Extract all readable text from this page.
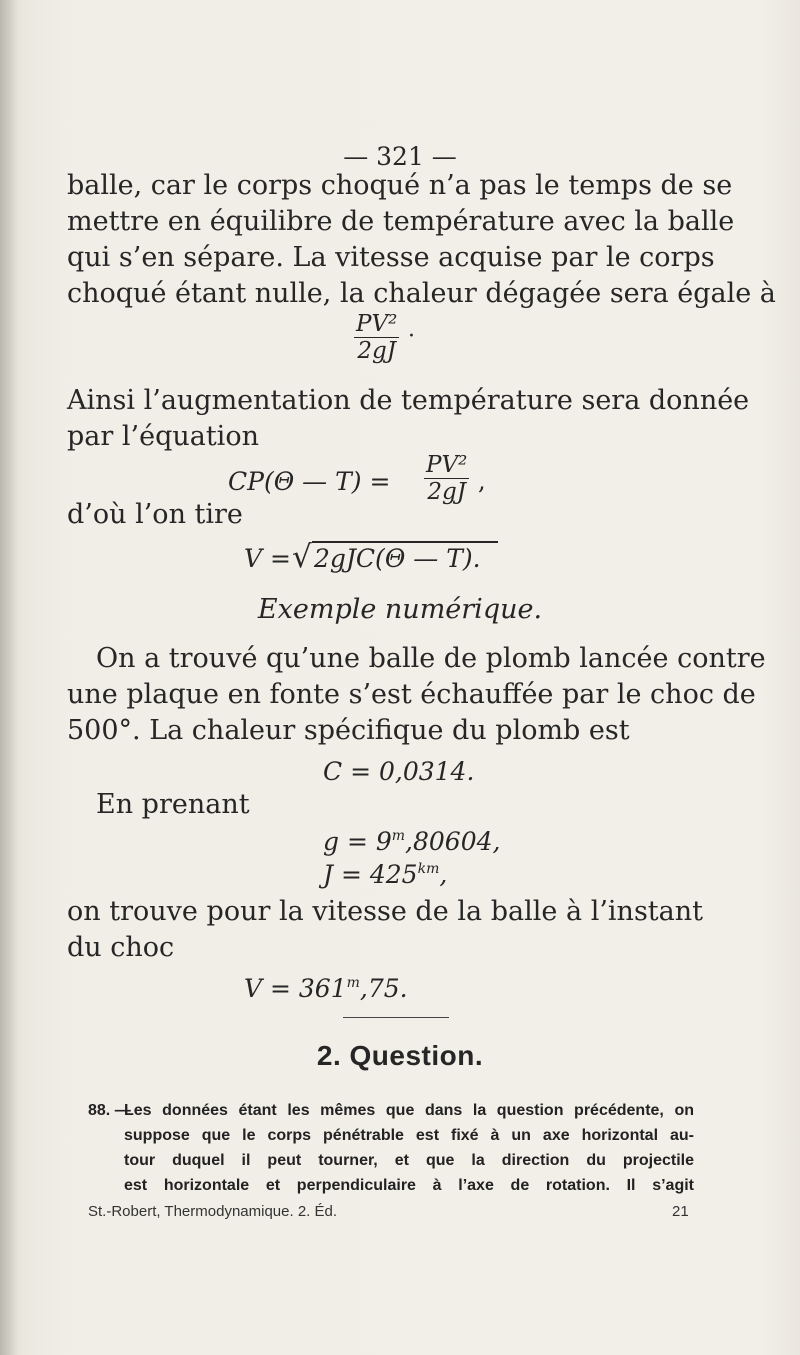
— 321 —
balle, car le corps choqué n’a pas le temps de se
mettre en équilibre de température avec la balle
qui s’en sépare. La vitesse acquise par le corps
choqué étant nulle, la chaleur dégagée sera égale à
$\frac{\text{PV²}}{2gJ}$ ·
Ainsi l’augmentation de température sera donnée
par l’équation
CP(Θ — $T) = \frac{\text{PV²}}{2gJ}$ ,
d’où l’on tire
V = √ 2gJC(Θ — T).
Exemple numérique.
On a trouvé qu’une balle de plomb lancée contre
une plaque en fonte s’est échauffée par le choc de
500°. La chaleur spécifique du plomb est
C = 0,0314.
En prenant
$g = 9^m,80604$,
$J = 425^{km}$,
on trouve pour la vitesse de la balle à l’instant
du choc
$V = 361^m,75$.
2. Question.
88. —
Les données étant les mêmes que dans la question précédente, on
suppose que le corps pénétrable est fixé à un axe horizontal au-
tour duquel il peut tourner, et que la direction du projectile
est horizontale et perpendiculaire à l’axe de rotation. Il s’agit
St.-Robert, Thermodynamique. 2. Éd.	21
